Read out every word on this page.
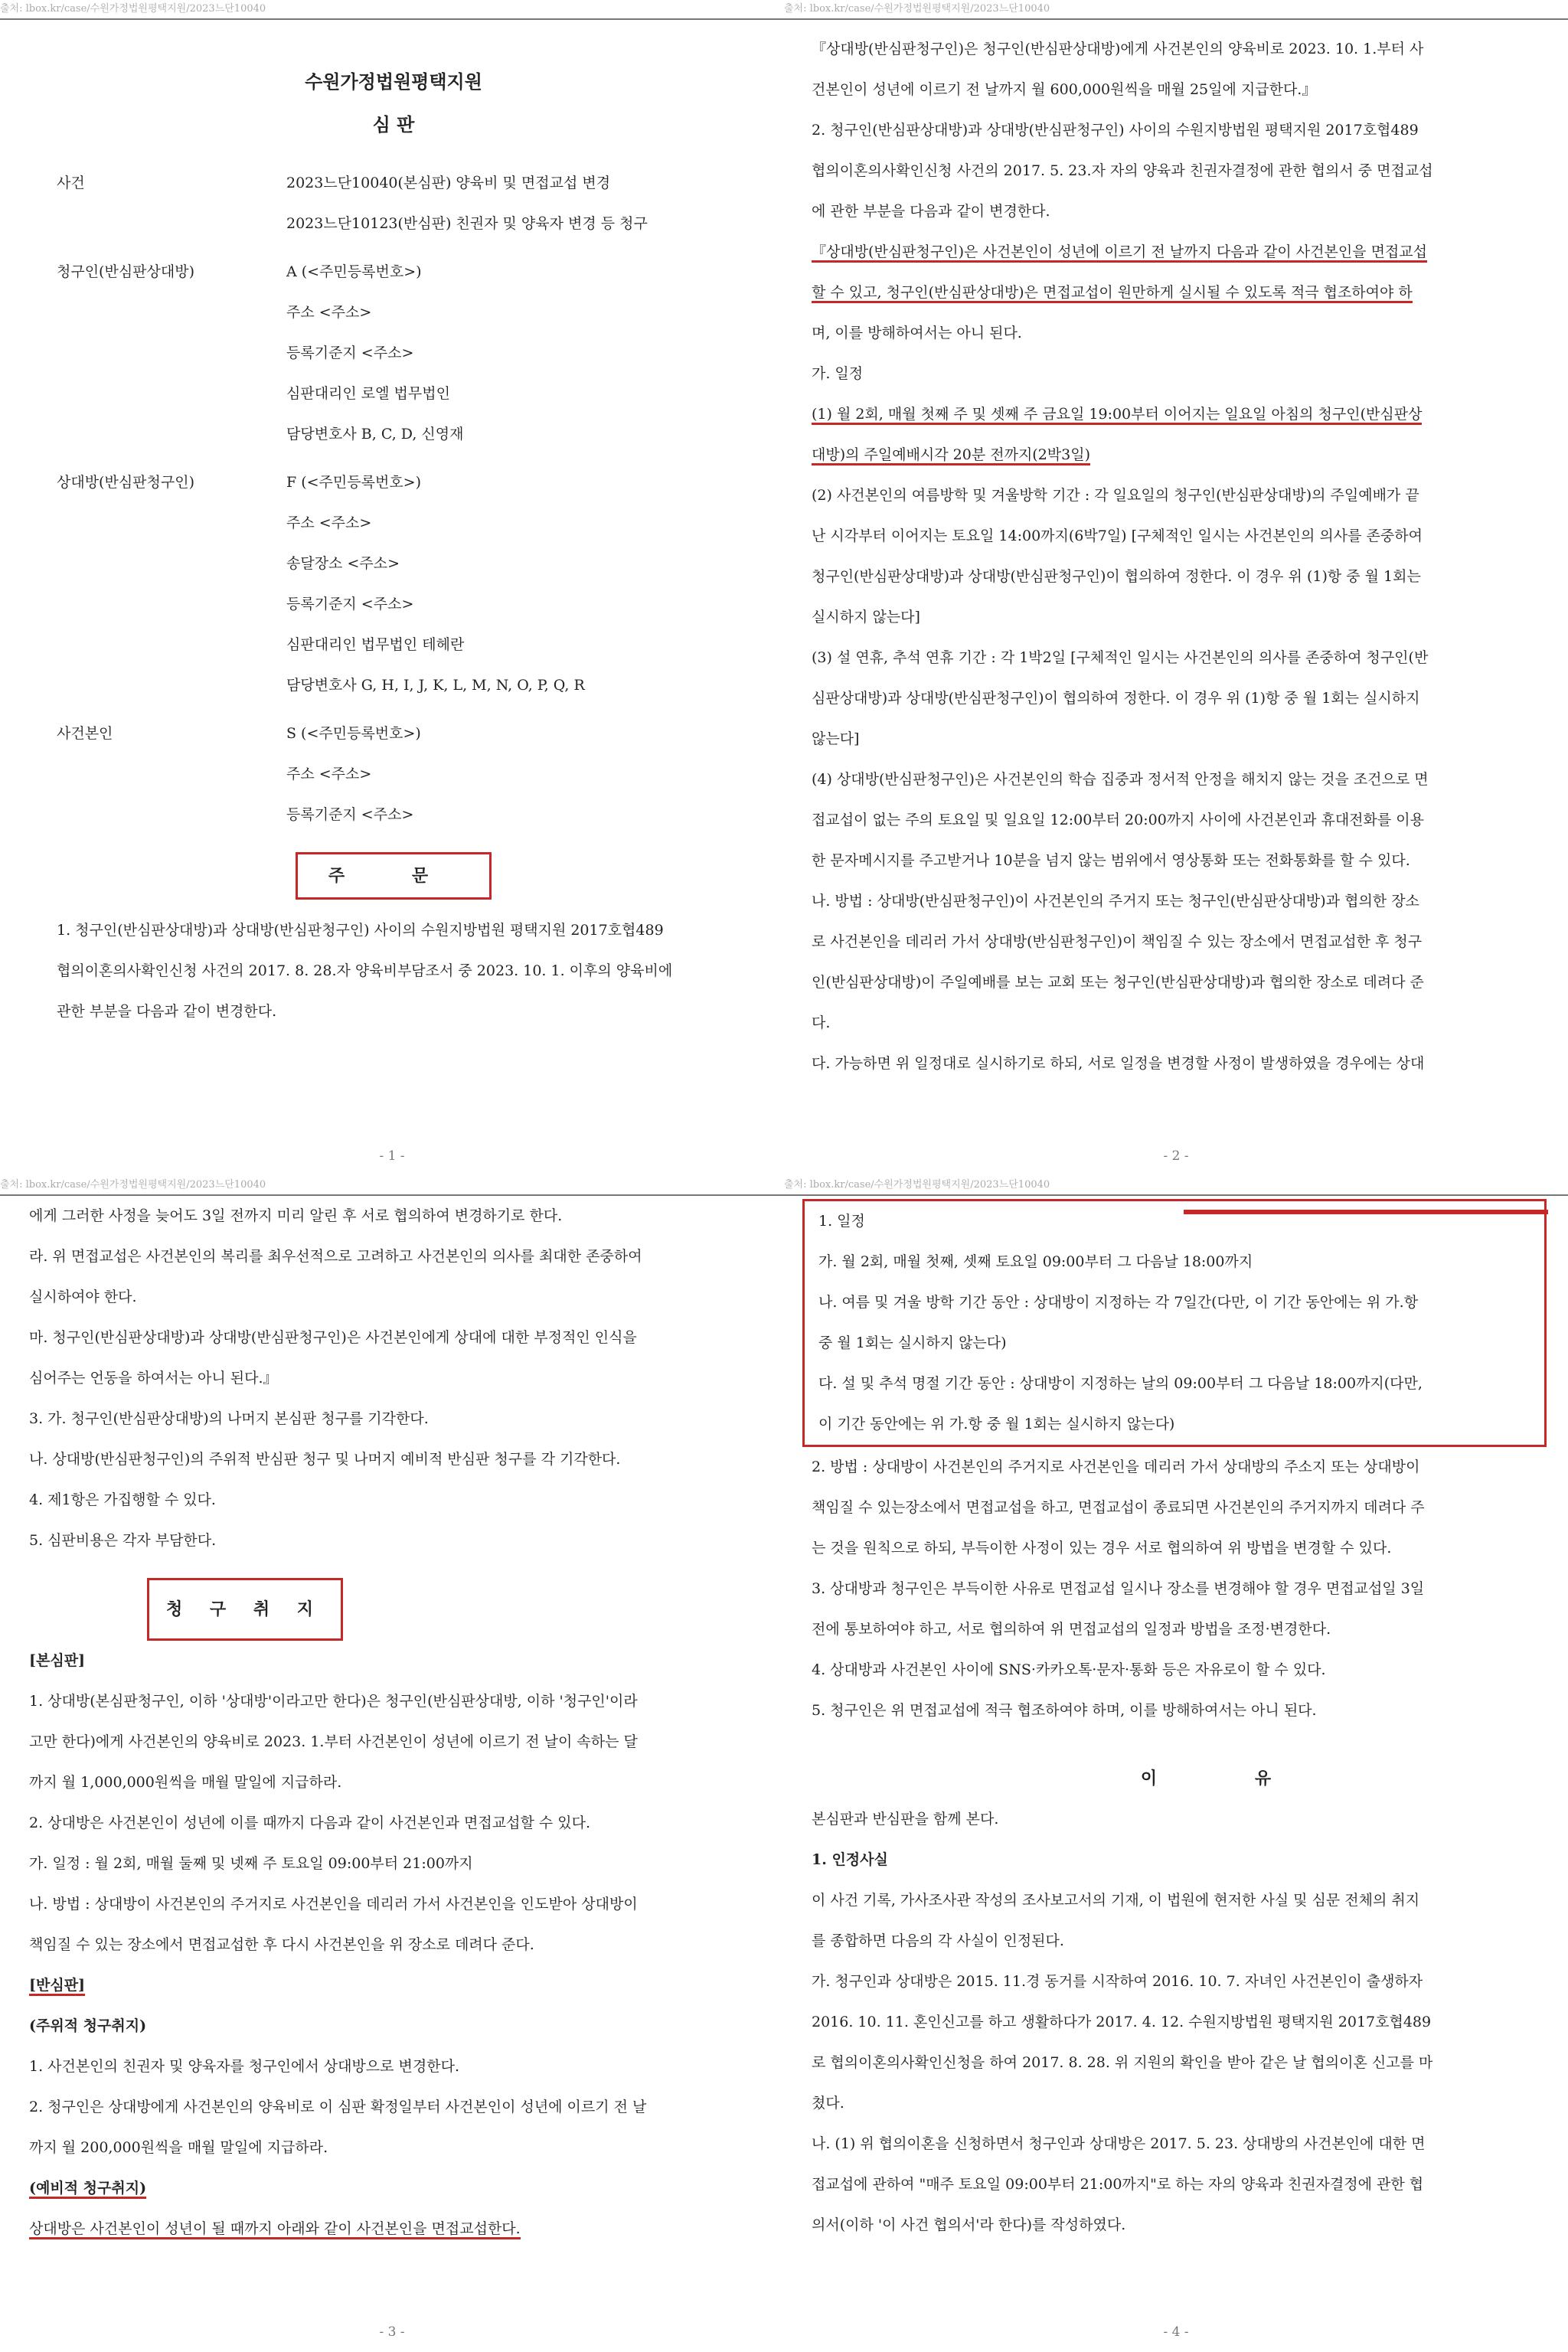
출처: lbox.kr/case/수원가정법원평택지원/2023느단10040
수원가정법원평택지원
심 판
사건	2023느단10040(본심판) 양육비 및 면접교섭 변경
2023느단10123(반심판) 친권자 및 양육자 변경 등 청구
청구인(반심판상대방)	A (<주민등록번호>)
주소 <주소>
등록기준지 <주소>
심판대리인 로엘 법무법인
담당변호사 B, C, D, 신영재
상대방(반심판청구인)	F (<주민등록번호>)
주소 <주소>
송달장소 <주소>
등록기준지 <주소>
심판대리인 법무법인 테헤란
담당변호사 G, H, I, J, K, L, M, N, O, P, Q, R
사건본인	S (<주민등록번호>)
주소 <주소>
등록기준지 <주소>
주 문
1. 청구인(반심판상대방)과 상대방(반심판청구인) 사이의 수원지방법원 평택지원 2017호협489
협의이혼의사확인신청 사건의 2017. 8. 28.자 양육비부담조서 중 2023. 10. 1. 이후의 양육비에
관한 부분을 다음과 같이 변경한다.
- 1 -
출처: lbox.kr/case/수원가정법원평택지원/2023느단10040
『상대방(반심판청구인)은 청구인(반심판상대방)에게 사건본인의 양육비로 2023. 10. 1.부터 사
건본인이 성년에 이르기 전 날까지 월 600,000원씩을 매월 25일에 지급한다.』
2. 청구인(반심판상대방)과 상대방(반심판청구인) 사이의 수원지방법원 평택지원 2017호협489
협의이혼의사확인신청 사건의 2017. 5. 23.자 자의 양육과 친권자결정에 관한 협의서 중 면접교섭
에 관한 부분을 다음과 같이 변경한다.
『상대방(반심판청구인)은 사건본인이 성년에 이르기 전 날까지 다음과 같이 사건본인을 면접교섭
할 수 있고, 청구인(반심판상대방)은 면접교섭이 원만하게 실시될 수 있도록 적극 협조하여야 하
며, 이를 방해하여서는 아니 된다.
가. 일정
(1) 월 2회, 매월 첫째 주 및 셋째 주 금요일 19:00부터 이어지는 일요일 아침의 청구인(반심판상
대방)의 주일예배시각 20분 전까지(2박3일)
(2) 사건본인의 여름방학 및 겨울방학 기간 : 각 일요일의 청구인(반심판상대방)의 주일예배가 끝
난 시각부터 이어지는 토요일 14:00까지(6박7일) [구체적인 일시는 사건본인의 의사를 존중하여
청구인(반심판상대방)과 상대방(반심판청구인)이 협의하여 정한다. 이 경우 위 (1)항 중 월 1회는
실시하지 않는다]
(3) 설 연휴, 추석 연휴 기간 : 각 1박2일 [구체적인 일시는 사건본인의 의사를 존중하여 청구인(반
심판상대방)과 상대방(반심판청구인)이 협의하여 정한다. 이 경우 위 (1)항 중 월 1회는 실시하지
않는다]
(4) 상대방(반심판청구인)은 사건본인의 학습 집중과 정서적 안정을 해치지 않는 것을 조건으로 면
접교섭이 없는 주의 토요일 및 일요일 12:00부터 20:00까지 사이에 사건본인과 휴대전화를 이용
한 문자메시지를 주고받거나 10분을 넘지 않는 범위에서 영상통화 또는 전화통화를 할 수 있다.
나. 방법 : 상대방(반심판청구인)이 사건본인의 주거지 또는 청구인(반심판상대방)과 협의한 장소
로 사건본인을 데리러 가서 상대방(반심판청구인)이 책임질 수 있는 장소에서 면접교섭한 후 청구
인(반심판상대방)이 주일예배를 보는 교회 또는 청구인(반심판상대방)과 협의한 장소로 데려다 준
다.
다. 가능하면 위 일정대로 실시하기로 하되, 서로 일정을 변경할 사정이 발생하였을 경우에는 상대
- 2 -
출처: lbox.kr/case/수원가정법원평택지원/2023느단10040
에게 그러한 사정을 늦어도 3일 전까지 미리 알린 후 서로 협의하여 변경하기로 한다.
라. 위 면접교섭은 사건본인의 복리를 최우선적으로 고려하고 사건본인의 의사를 최대한 존중하여
실시하여야 한다.
마. 청구인(반심판상대방)과 상대방(반심판청구인)은 사건본인에게 상대에 대한 부정적인 인식을
심어주는 언동을 하여서는 아니 된다.』
3. 가. 청구인(반심판상대방)의 나머지 본심판 청구를 기각한다.
나. 상대방(반심판청구인)의 주위적 반심판 청구 및 나머지 예비적 반심판 청구를 각 기각한다.
4. 제1항은 가집행할 수 있다.
5. 심판비용은 각자 부담한다.
청 구 취 지
[본심판]
1. 상대방(본심판청구인, 이하 '상대방'이라고만 한다)은 청구인(반심판상대방, 이하 '청구인'이라
고만 한다)에게 사건본인의 양육비로 2023. 1.부터 사건본인이 성년에 이르기 전 날이 속하는 달
까지 월 1,000,000원씩을 매월 말일에 지급하라.
2. 상대방은 사건본인이 성년에 이를 때까지 다음과 같이 사건본인과 면접교섭할 수 있다.
가. 일정 : 월 2회, 매월 둘째 및 넷째 주 토요일 09:00부터 21:00까지
나. 방법 : 상대방이 사건본인의 주거지로 사건본인을 데리러 가서 사건본인을 인도받아 상대방이
책임질 수 있는 장소에서 면접교섭한 후 다시 사건본인을 위 장소로 데려다 준다.
[반심판]
(주위적 청구취지)
1. 사건본인의 친권자 및 양육자를 청구인에서 상대방으로 변경한다.
2. 청구인은 상대방에게 사건본인의 양육비로 이 심판 확정일부터 사건본인이 성년에 이르기 전 날
까지 월 200,000원씩을 매월 말일에 지급하라.
(예비적 청구취지)
상대방은 사건본인이 성년이 될 때까지 아래와 같이 사건본인을 면접교섭한다.
- 3 -
출처: lbox.kr/case/수원가정법원평택지원/2023느단10040
1. 일정
가. 월 2회, 매월 첫째, 셋째 토요일 09:00부터 그 다음날 18:00까지
나. 여름 및 겨울 방학 기간 동안 : 상대방이 지정하는 각 7일간(다만, 이 기간 동안에는 위 가.항
중 월 1회는 실시하지 않는다)
다. 설 및 추석 명절 기간 동안 : 상대방이 지정하는 날의 09:00부터 그 다음날 18:00까지(다만,
이 기간 동안에는 위 가.항 중 월 1회는 실시하지 않는다)
2. 방법 : 상대방이 사건본인의 주거지로 사건본인을 데리러 가서 상대방의 주소지 또는 상대방이
책임질 수 있는장소에서 면접교섭을 하고, 면접교섭이 종료되면 사건본인의 주거지까지 데려다 주
는 것을 원칙으로 하되, 부득이한 사정이 있는 경우 서로 협의하여 위 방법을 변경할 수 있다.
3. 상대방과 청구인은 부득이한 사유로 면접교섭 일시나 장소를 변경해야 할 경우 면접교섭일 3일
전에 통보하여야 하고, 서로 협의하여 위 면접교섭의 일정과 방법을 조정·변경한다.
4. 상대방과 사건본인 사이에 SNS·카카오톡·문자·통화 등은 자유로이 할 수 있다.
5. 청구인은 위 면접교섭에 적극 협조하여야 하며, 이를 방해하여서는 아니 된다.
이 유
본심판과 반심판을 함께 본다.
1. 인정사실
이 사건 기록, 가사조사관 작성의 조사보고서의 기재, 이 법원에 현저한 사실 및 심문 전체의 취지
를 종합하면 다음의 각 사실이 인정된다.
가. 청구인과 상대방은 2015. 11.경 동거를 시작하여 2016. 10. 7. 자녀인 사건본인이 출생하자
2016. 10. 11. 혼인신고를 하고 생활하다가 2017. 4. 12. 수원지방법원 평택지원 2017호협489
로 협의이혼의사확인신청을 하여 2017. 8. 28. 위 지원의 확인을 받아 같은 날 협의이혼 신고를 마
쳤다.
나. (1) 위 협의이혼을 신청하면서 청구인과 상대방은 2017. 5. 23. 상대방의 사건본인에 대한 면
접교섭에 관하여 "매주 토요일 09:00부터 21:00까지"로 하는 자의 양육과 친권자결정에 관한 협
의서(이하 '이 사건 협의서'라 한다)를 작성하였다.
- 4 -
